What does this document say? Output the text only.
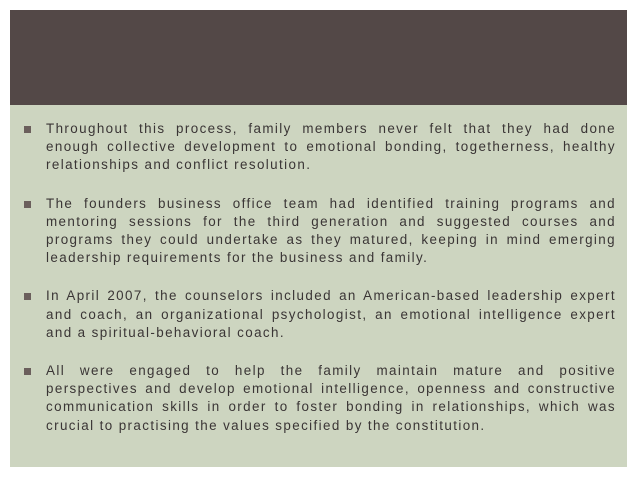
Throughout this process, family members never felt that they had done enough collective development to emotional bonding, togetherness, healthy relationships and conflict resolution.
The founders business office team had identified training programs and mentoring sessions for the third generation and suggested courses and programs they could undertake as they matured, keeping in mind emerging leadership requirements for the business and family.
In April 2007, the counselors included an American-based leadership expert and coach, an organizational psychologist, an emotional intelligence expert and a spiritual-behavioral coach.
All were engaged to help the family maintain mature and positive perspectives and develop emotional intelligence, openness and constructive communication skills in order to foster bonding in relationships, which was crucial to practising the values specified by the constitution.
